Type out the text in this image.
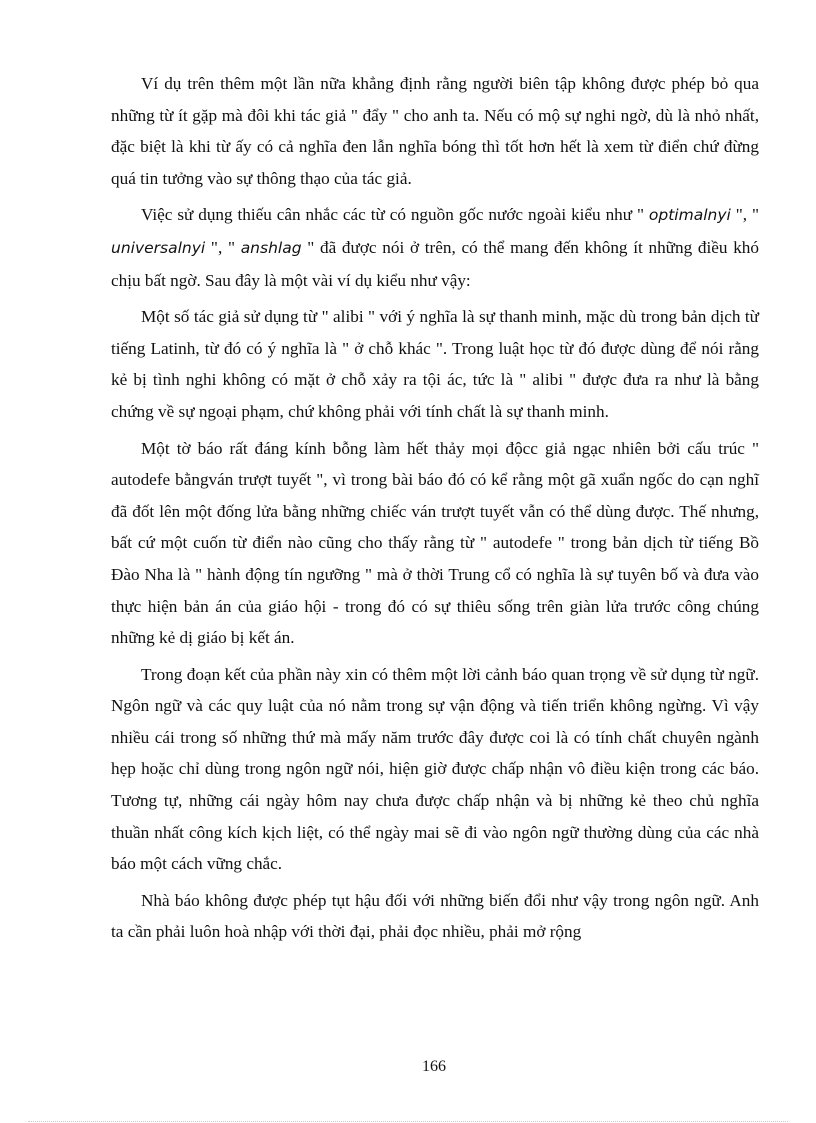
Ví dụ trên thêm một lần nữa khẳng định rằng người biên tập không được phép bỏ qua những từ ít gặp mà đôi khi tác giả " đẩy " cho anh ta. Nếu có mộ sự nghi ngờ, dù là nhỏ nhất, đặc biệt là khi từ ấy có cả nghĩa đen lẫn nghĩa bóng thì tốt hơn hết là xem từ điển chứ đừng quá tin tưởng vào sự thông thạo của tác giả.

Việc sử dụng thiếu cân nhắc các từ có nguồn gốc nước ngoài kiểu như " optimalnyi ", " universalnyi ", " anshlag " đã được nói ở trên, có thể mang đến không ít những điều khó chịu bất ngờ. Sau đây là một vài ví dụ kiểu như vậy:

Một số tác giả sử dụng từ " alibi " với ý nghĩa là sự thanh minh, mặc dù trong bản dịch từ tiếng Latinh, từ đó có ý nghĩa là " ở chỗ khác ". Trong luật học từ đó được dùng để nói rằng kẻ bị tình nghi không có mặt ở chỗ xảy ra tội ác, tức là " alibi " được đưa ra như là bằng chứng về sự ngoại phạm, chứ không phải với tính chất là sự thanh minh.

Một tờ báo rất đáng kính bỗng làm hết thảy mọi độcc giả ngạc nhiên bởi cấu trúc " autodefe bằngván trượt tuyết ", vì trong bài báo đó có kể rằng một gã xuẩn ngốc do cạn nghĩ đã đốt lên một đống lửa bằng những chiếc ván trượt tuyết vẫn có thể dùng được. Thế nhưng, bất cứ một cuốn từ điển nào cũng cho thấy rằng từ " autodefe " trong bản dịch từ tiếng Bồ Đào Nha là " hành động tín ngưỡng " mà ở thời Trung cổ có nghĩa là sự tuyên bố và đưa vào thực hiện bản án của giáo hội - trong đó có sự thiêu sống trên giàn lửa trước công chúng những kẻ dị giáo bị kết án.

Trong đoạn kết của phần này xin có thêm một lời cảnh báo quan trọng về sử dụng từ ngữ. Ngôn ngữ và các quy luật của nó nằm trong sự vận động và tiến triển không ngừng. Vì vậy nhiều cái trong số những thứ mà mấy năm trước đây được coi là có tính chất chuyên ngành hẹp hoặc chỉ dùng trong ngôn ngữ nói, hiện giờ được chấp nhận vô điều kiện trong các báo. Tương tự, những cái ngày hôm nay chưa được chấp nhận và bị những kẻ theo chủ nghĩa thuần nhất công kích kịch liệt, có thể ngày mai sẽ đi vào ngôn ngữ thường dùng của các nhà báo một cách vững chắc.

Nhà báo không được phép tụt hậu đối với những biến đổi như vậy trong ngôn ngữ. Anh ta cần phải luôn hoà nhập với thời đại, phải đọc nhiều, phải mở rộng

166
